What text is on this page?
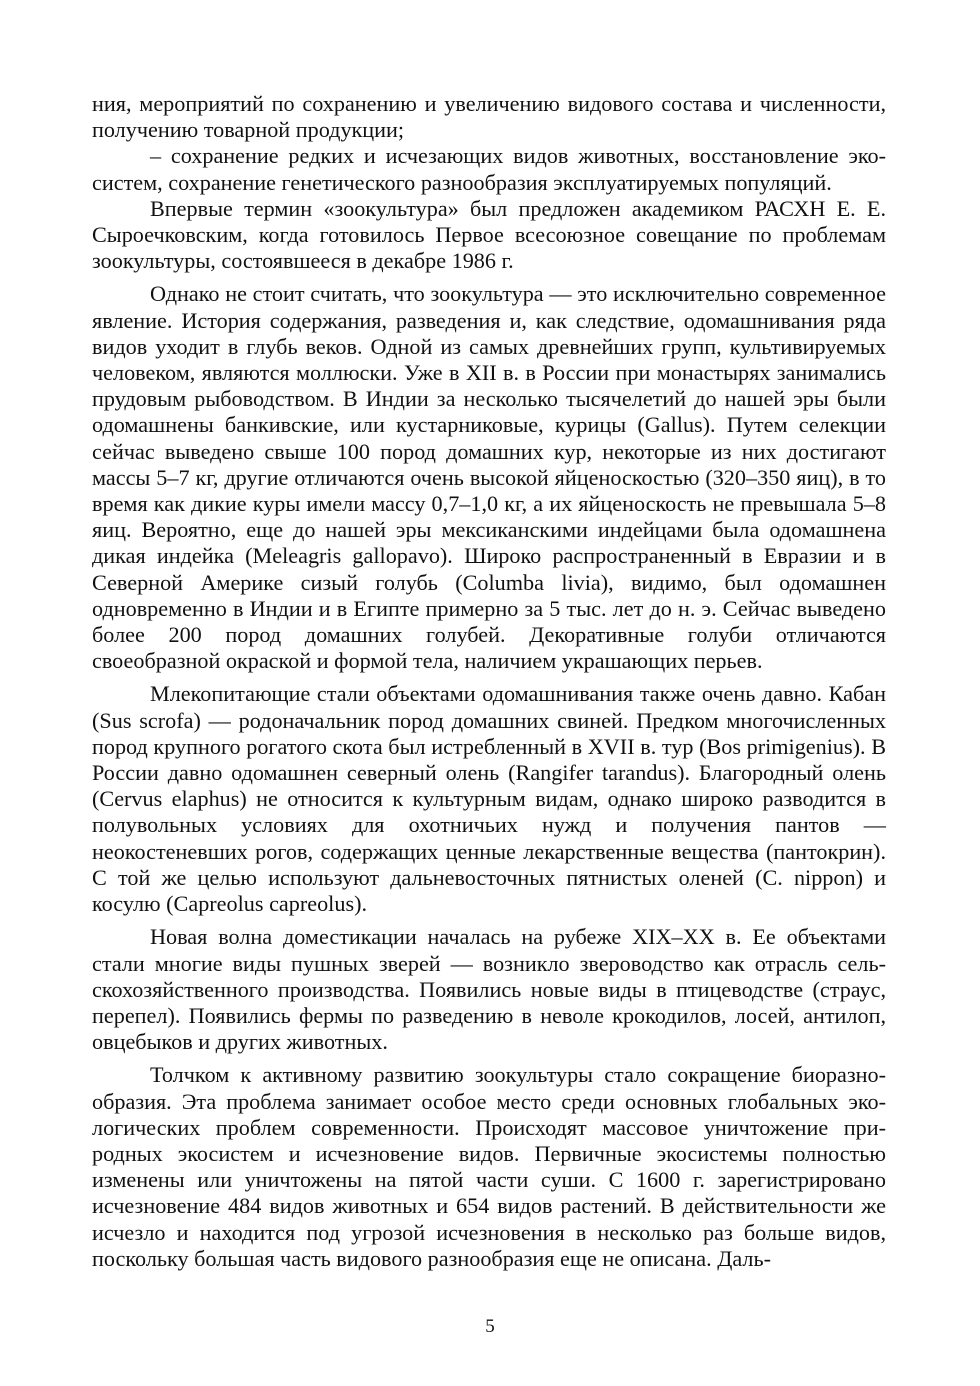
ния, мероприятий по сохранению и увеличению видового состава и численности, получению товарной продукции;

– сохранение редких и исчезающих видов животных, восстановление экосистем, сохранение генетического разнообразия эксплуатируемых популяций.

Впервые термин «зоокультура» был предложен академиком РАСХН Е. Е. Сыроечковским, когда готовилось Первое всесоюзное совещание по проблемам зоокультуры, состоявшееся в декабре 1986 г.

Однако не стоит считать, что зоокультура — это исключительно современное явление. История содержания, разведения и, как следствие, одомашнивания ряда видов уходит в глубь веков. Одной из самых древнейших групп, культивируемых человеком, являются моллюски. Уже в XII в. в России при монастырях занимались прудовым рыбоводством. В Индии за несколько тысячелетий до нашей эры были одомашнены банкивские, или кустарниковые, курицы (Gallus). Путем селекции сейчас выведено свыше 100 пород домашних кур, некоторые из них достигают массы 5–7 кг, другие отличаются очень высокой яйценоскостью (320–350 яиц), в то время как дикие куры имели массу 0,7–1,0 кг, а их яйценоскость не превышала 5–8 яиц. Вероятно, еще до нашей эры мексиканскими индейцами была одомашнена дикая индейка (Meleagris gallopavo). Широко распространенный в Евразии и в Северной Америке сизый голубь (Columba livia), видимо, был одомашнен одновременно в Индии и в Египте примерно за 5 тыс. лет до н. э. Сейчас выведено более 200 пород домашних голубей. Декоративные голуби отличаются своеобразной окраской и формой тела, наличием украшающих перьев.

Млекопитающие стали объектами одомашнивания также очень давно. Кабан (Sus scrofa) — родоначальник пород домашних свиней. Предком многочисленных пород крупного рогатого скота был истребленный в XVII в. тур (Bos primigenius). В России давно одомашнен северный олень (Rangifer tarandus). Благородный олень (Cervus elaphus) не относится к культурным видам, однако широко разводится в полувольных условиях для охотничьих нужд и получения пантов — неокостеневших рогов, содержащих ценные лекарственные вещества (пантокрин). С той же целью используют дальневосточных пятнистых оленей (C. nippon) и косулю (Capreolus capreolus).

Новая волна доместикации началась на рубеже XIX–XX в. Ее объектами стали многие виды пушных зверей — возникло звероводство как отрасль сельскохозяйственного производства. Появились новые виды в птицеводстве (страус, перепел). Появились фермы по разведению в неволе крокодилов, лосей, антилоп, овцебыков и других животных.

Толчком к активному развитию зоокультуры стало сокращение биоразнообразия. Эта проблема занимает особое место среди основных глобальных экологических проблем современности. Происходят массовое уничтожение природных экосистем и исчезновение видов. Первичные экосистемы полностью изменены или уничтожены на пятой части суши. С 1600 г. зарегистрировано исчезновение 484 видов животных и 654 видов растений. В действительности же исчезло и находится под угрозой исчезновения в несколько раз больше видов, поскольку большая часть видового разнообразия еще не описана. Даль-

5
